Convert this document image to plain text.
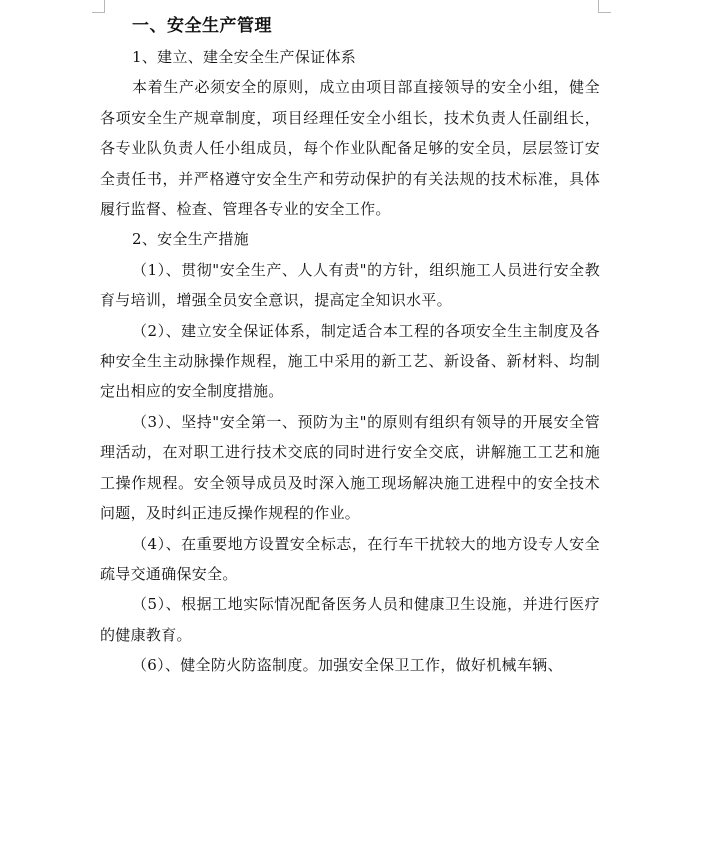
一、安全生产管理

1、建立、建全安全生产保证体系

本着生产必须安全的原则，成立由项目部直接领导的安全小组，健全各项安全生产规章制度，项目经理任安全小组长，技术负责人任副组长，各专业队负责人任小组成员，每个作业队配备足够的安全员，层层签订安全责任书，并严格遵守安全生产和劳动保护的有关法规的技术标准，具体履行监督、检查、管理各专业的安全工作。

2、安全生产措施

（1）、贯彻"安全生产、人人有责"的方针，组织施工人员进行安全教育与培训，增强全员安全意识，提高定全知识水平。

（2）、建立安全保证体系，制定适合本工程的各项安全生主制度及各种安全生主动脉操作规程，施工中采用的新工艺、新设备、新材料、均制定出相应的安全制度措施。

（3）、坚持"安全第一、预防为主"的原则有组织有领导的开展安全管理活动，在对职工进行技术交底的同时进行安全交底，讲解施工工艺和施工操作规程。安全领导成员及时深入施工现场解决施工进程中的安全技术问题，及时纠正违反操作规程的作业。

（4）、在重要地方设置安全标志，在行车干扰较大的地方设专人安全 疏导交通确保安全。

（5）、根据工地实际情况配备医务人员和健康卫生设施，并进行医疗的健康教育。

（6）、健全防火防盗制度。加强安全保卫工作，做好机械车辆、
